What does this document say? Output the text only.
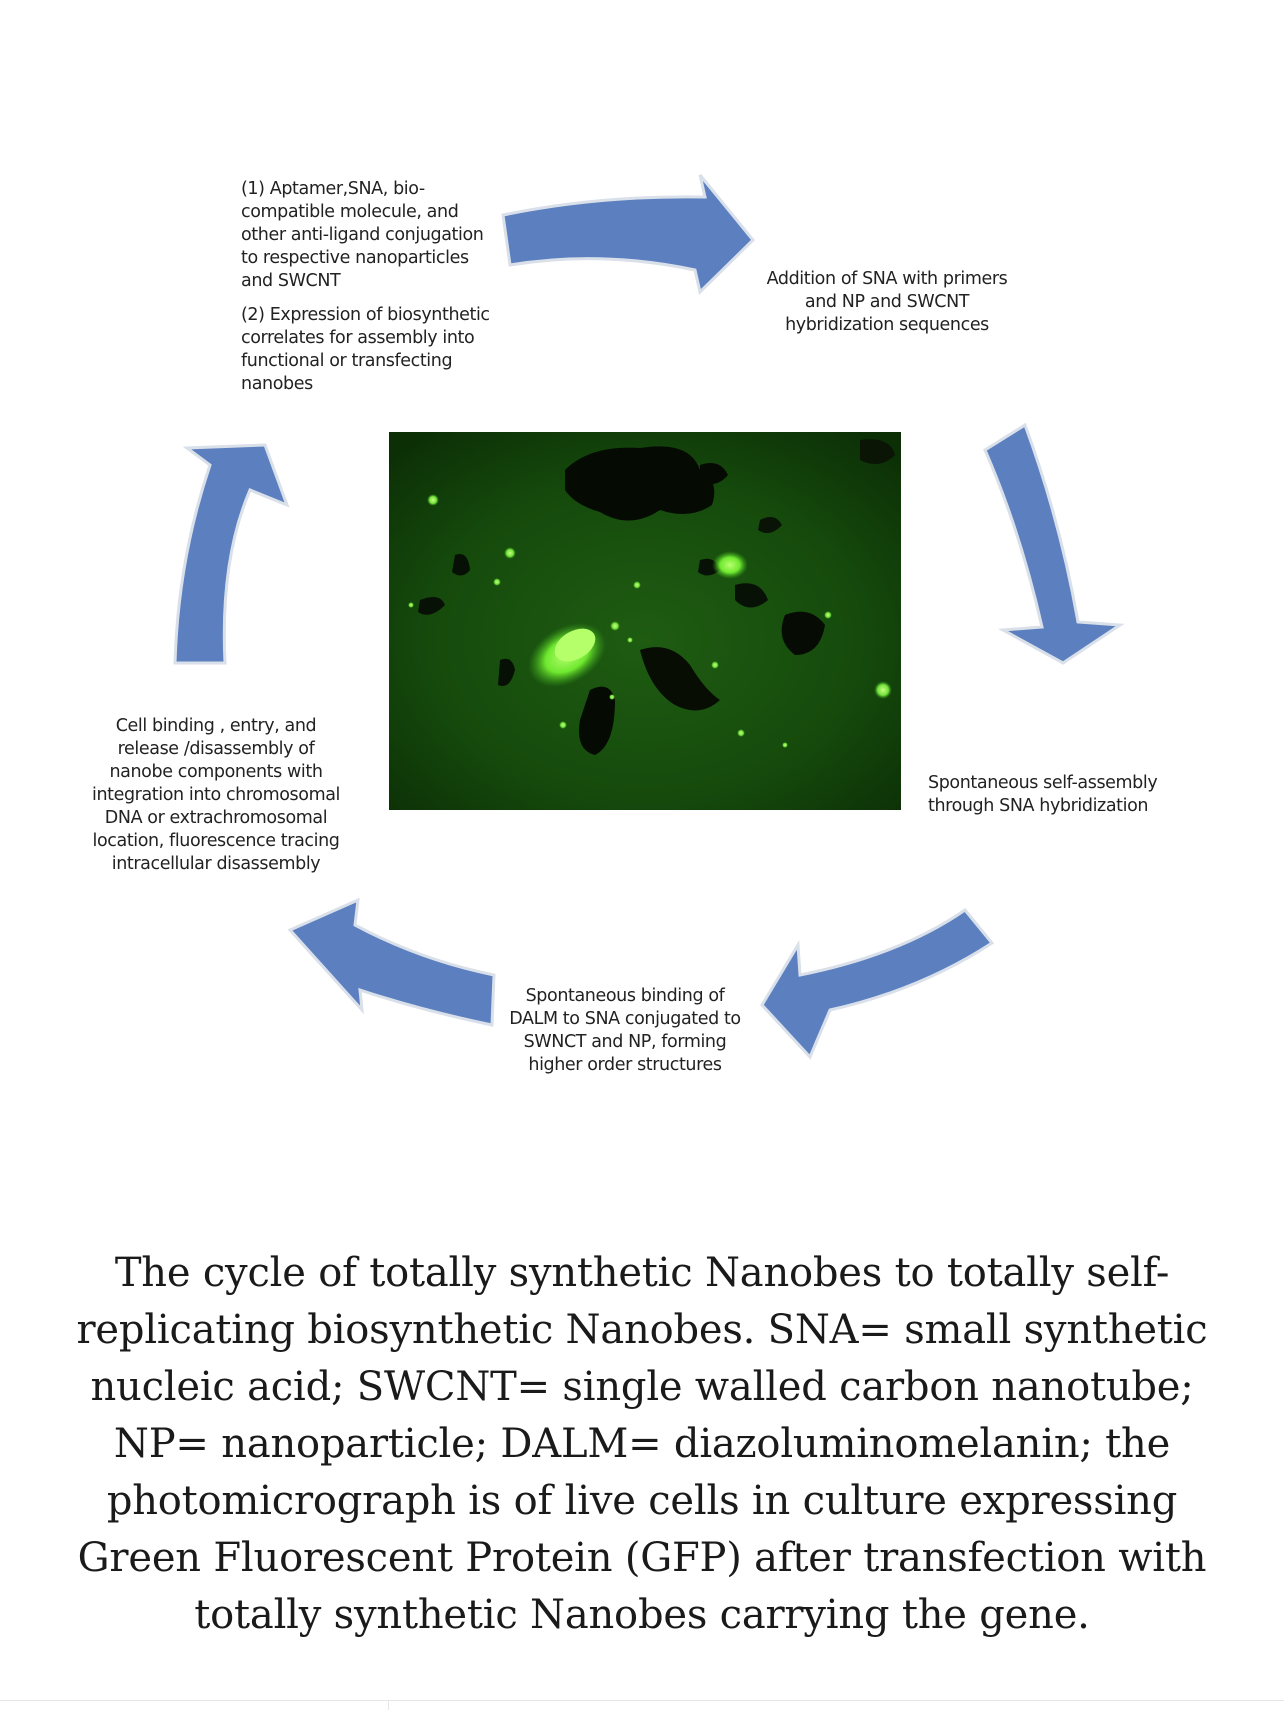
(1) Aptamer,SNA, bio-
compatible molecule, and
other anti-ligand conjugation
to respective nanoparticles
and SWCNT
(2) Expression of biosynthetic
correlates for assembly into
functional or transfecting
nanobes
Addition of SNA with primers
and NP and SWCNT
hybridization sequences
Spontaneous self-assembly
through SNA hybridization
Spontaneous binding of
DALM to SNA conjugated to
SWNCT and NP, forming
higher order structures
Cell binding , entry, and
release /disassembly of
nanobe components with
integration into chromosomal
DNA or extrachromosomal
location, fluorescence tracing
intracellular disassembly
The cycle of totally synthetic Nanobes to totally self-replicating biosynthetic Nanobes. SNA= small synthetic nucleic acid; SWCNT= single walled carbon nanotube; NP= nanoparticle; DALM= diazoluminomelanin; the photomicrograph is of live cells in culture expressing Green Fluorescent Protein (GFP) after transfection with totally synthetic Nanobes carrying the gene.
